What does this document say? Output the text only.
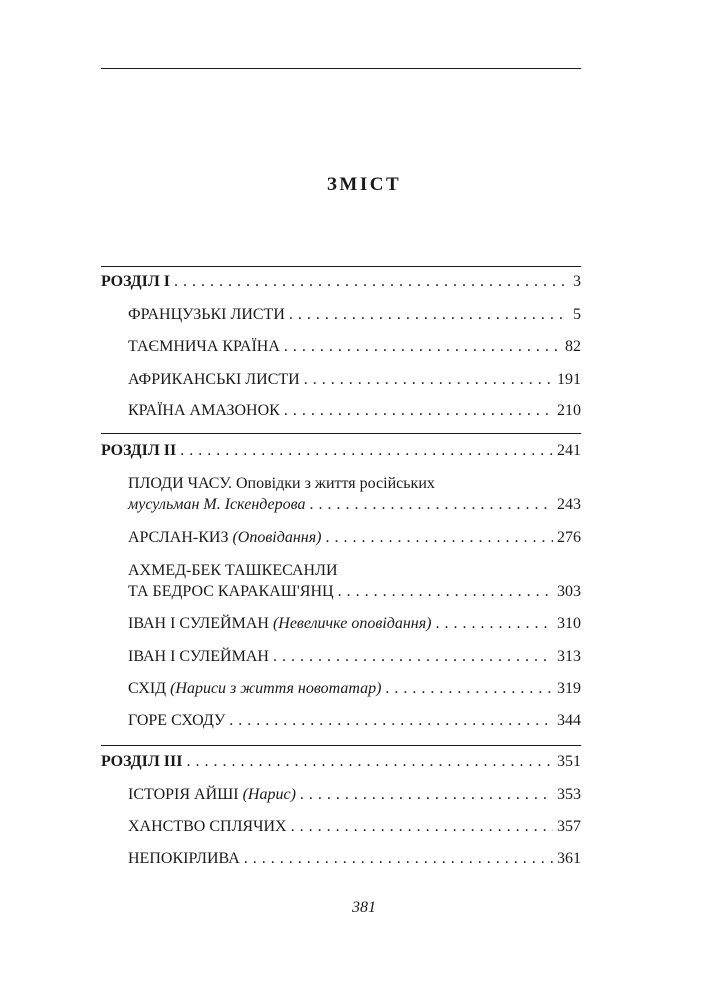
ЗМІСТ
РОЗДІЛ І . . .	3
ФРАНЦУЗЬКІ ЛИСТИ . . .	5
ТАЄМНИЧА КРАЇНА . . .	82
АФРИКАНСЬКІ ЛИСТИ . . .	191
КРАЇНА АМАЗОНОК . . .	210
РОЗДІЛ ІІ . . .	241
ПЛОДИ ЧАСУ. Оповідки з життя російських
мусульман М. Іскендерова . . .	243
АРСЛАН-КИЗ
(Оповідання) . . .	276
АХМЕД-БЕК ТАШКЕСАНЛИ
ТА БЕДРОС КАРАКАШ'ЯНЦ . . .	303
ІВАН І СУЛЕЙМАН
(Невеличке оповідання) . . .	310
ІВАН І СУЛЕЙМАН . . .	313
СХІД
(Нариси з життя новотатар) . . .	319
ГОРЕ СХОДУ . . .	344
РОЗДІЛ ІІІ . . .	351
ІСТОРІЯ АЙШІ
(Нарис) . . .	353
ХАНСТВО СПЛЯЧИХ . . .	357
НЕПОКІРЛИВА . . .	361
381
